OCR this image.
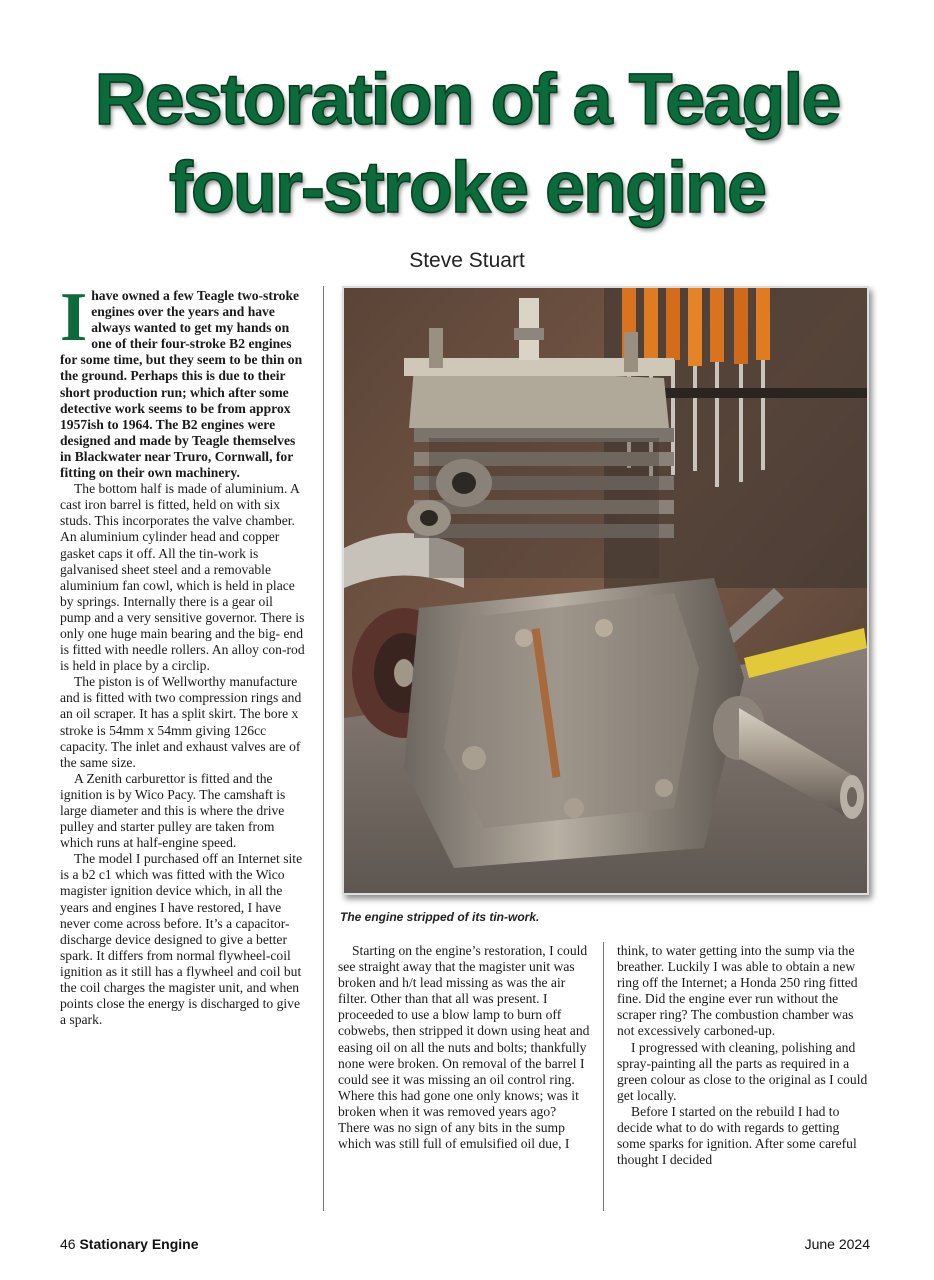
Restoration of a Teagle
four-stroke engine
Steve Stuart

Ihave owned a few Teagle two-stroke engines over the years and have always wanted to get my hands on one of their four-stroke B2 engines for some time, but they seem to be thin on the ground. Perhaps this is due to their short production run; which after some detective work seems to be from approx 1957ish to 1964. The B2 engines were designed and made by Teagle themselves in Blackwater near Truro, Cornwall, for fitting on their own machinery.

The bottom half is made of aluminium. A cast iron barrel is fitted, held on with six studs. This incorporates the valve chamber. An aluminium cylinder head and copper gasket caps it off. All the tin-work is galvanised sheet steel and a removable aluminium fan cowl, which is held in place by springs. Internally there is a gear oil pump and a very sensitive governor. There is only one huge main bearing and the big- end is fitted with needle rollers. An alloy con-rod is held in place by a circlip.

The piston is of Wellworthy manufacture and is fitted with two compression rings and an oil scraper. It has a split skirt. The bore x stroke is 54mm x 54mm giving 126cc capacity. The inlet and exhaust valves are of the same size.

A Zenith carburettor is fitted and the ignition is by Wico Pacy. The camshaft is large diameter and this is where the drive pulley and starter pulley are taken from which runs at half-engine speed.

The model I purchased off an Internet site is a b2 c1 which was fitted with the Wico magister ignition device which, in all the years and engines I have restored, I have never come across before. It’s a capacitor-discharge device designed to give a better spark. It differs from normal flywheel-coil ignition as it still has a flywheel and coil but the coil charges the magister unit, and when points close the energy is discharged to give a spark.

The engine stripped of its tin-work.

Starting on the engine’s restoration, I could see straight away that the magister unit was broken and h/t lead missing as was the air filter. Other than that all was present. I proceeded to use a blow lamp to burn off cobwebs, then stripped it down using heat and easing oil on all the nuts and bolts; thankfully none were broken. On removal of the barrel I could see it was missing an oil control ring. Where this had gone one only knows; was it broken when it was removed years ago? There was no sign of any bits in the sump which was still full of emulsified oil due, I

think, to water getting into the sump via the breather. Luckily I was able to obtain a new ring off the Internet; a Honda 250 ring fitted fine. Did the engine ever run without the scraper ring? The combustion chamber was not excessively carboned-up.

I progressed with cleaning, polishing and spray-painting all the parts as required in a green colour as close to the original as I could get locally.

Before I started on the rebuild I had to decide what to do with regards to getting some sparks for ignition. After some careful thought I decided

46 Stationary Engine	June 2024
